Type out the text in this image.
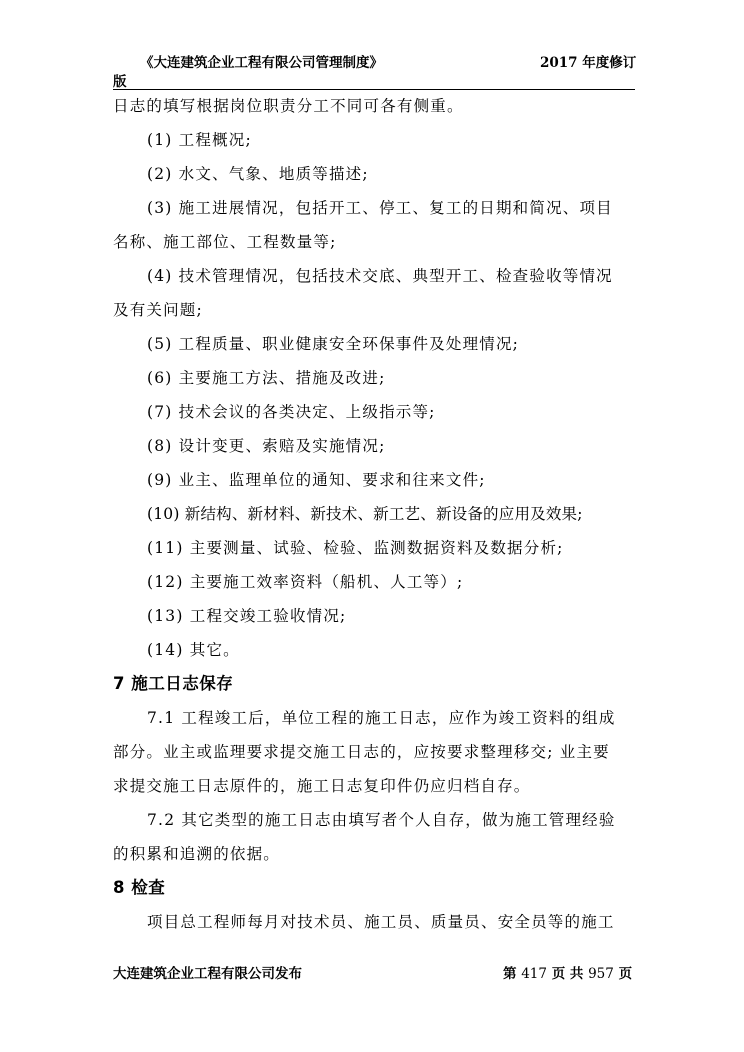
《大连建筑企业工程有限公司管理制度》	2017 年度修订
版
日志的填写根据岗位职责分工不同可各有侧重。
(1) 工程概况;
(2) 水文、气象、地质等描述;
(3) 施工进展情况，包括开工、停工、复工的日期和简况、项目
名称、施工部位、工程数量等;
(4) 技术管理情况，包括技术交底、典型开工、检查验收等情况
及有关问题;
(5) 工程质量、职业健康安全环保事件及处理情况;
(6) 主要施工方法、措施及改进;
(7) 技术会议的各类决定、上级指示等;
(8) 设计变更、索赔及实施情况;
(9) 业主、监理单位的通知、要求和往来文件;
(10) 新结构、新材料、新技术、新工艺、新设备的应用及效果;
(11) 主要测量、试验、检验、监测数据资料及数据分析;
(12) 主要施工效率资料（船机、人工等）;
(13) 工程交竣工验收情况;
(14) 其它。
7 施工日志保存
7.1 工程竣工后，单位工程的施工日志，应作为竣工资料的组成
部分。业主或监理要求提交施工日志的，应按要求整理移交; 业主要
求提交施工日志原件的，施工日志复印件仍应归档自存。
7.2 其它类型的施工日志由填写者个人自存，做为施工管理经验
的积累和追溯的依据。
8 检查
项目总工程师每月对技术员、施工员、质量员、安全员等的施工
大连建筑企业工程有限公司发布	第 417 页 共 957 页
